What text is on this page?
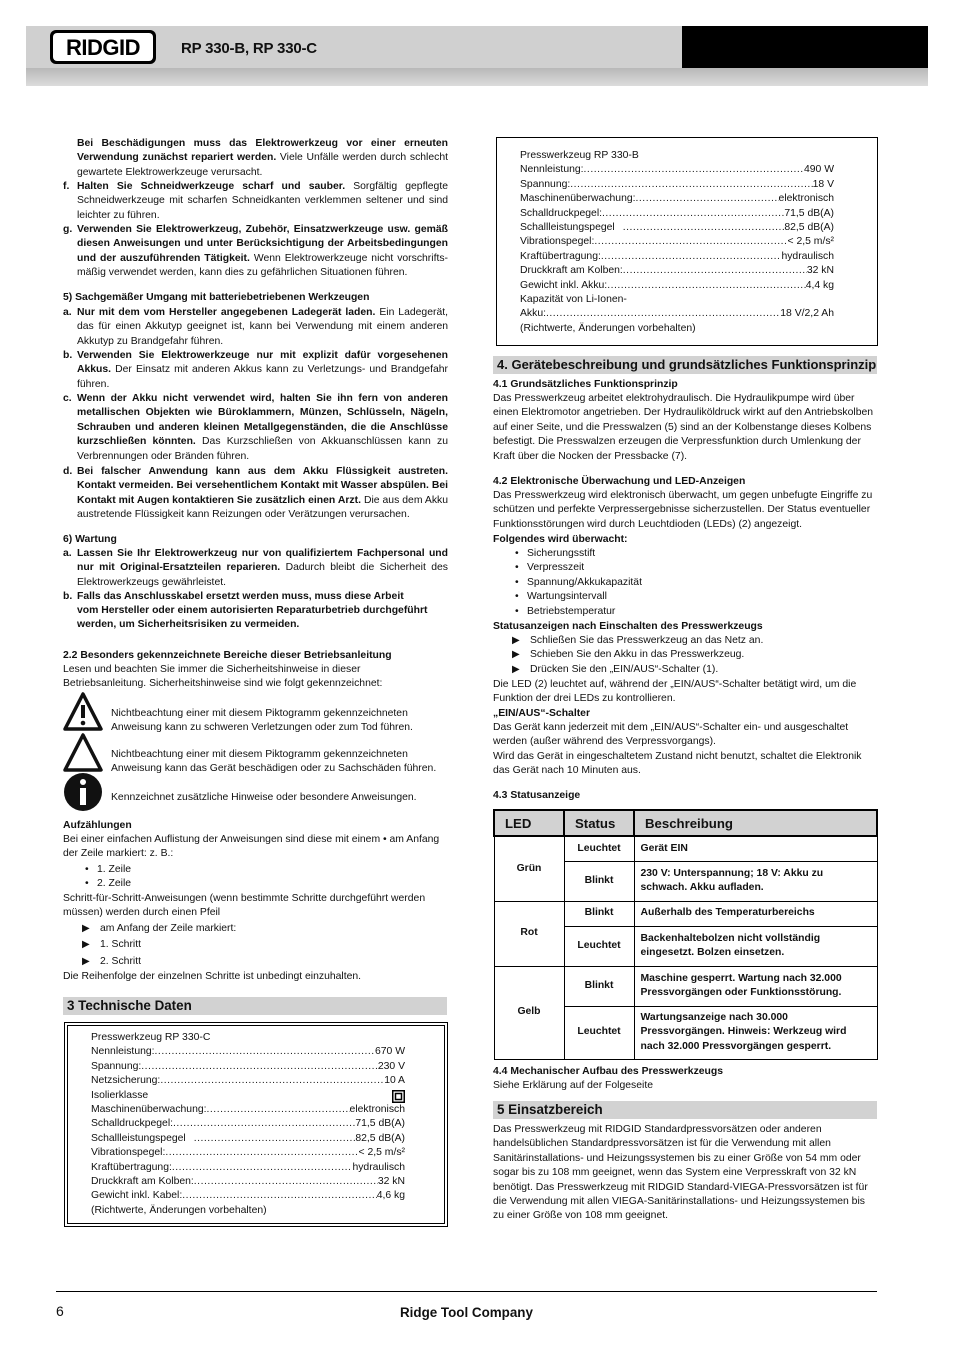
RIDGID	RP 330-B, RP 330-C
Bei Beschädigungen muss das Elektrowerkzeug vor einer erneuten Verwendung zunächst repariert werden. Viele Unfälle werden durch schlecht gewartete Elektrowerkzeuge verursacht.
f. Halten Sie Schneidwerkzeuge scharf und sauber. Sorgfältig gepflegte Schneidwerkzeuge mit scharfen Schneidkanten verklemmen seltener und sind leichter zu führen.
g. Verwenden Sie Elektrowerkzeug, Zubehör, Einsatzwerkzeuge usw. gemäß diesen Anweisungen und unter Berücksichtigung der Arbeitsbedingungen und der auszuführenden Tätigkeit. Wenn Elektrowerkzeuge nicht vorschrifts-mäßig verwendet werden, kann dies zu gefährlichen Situationen führen.
5) Sachgemäßer Umgang mit batteriebetriebenen Werkzeugen
a. Nur mit dem vom Hersteller angegebenen Ladegerät laden. Ein Ladegerät, das für einen Akkutyp geeignet ist, kann bei Verwendung mit einem anderen Akkutyp zu Brandgefahr führen.
b. Verwenden Sie Elektrowerkzeuge nur mit explizit dafür vorgesehenen Akkus. Der Einsatz mit anderen Akkus kann zu Verletzungs- und Brandgefahr führen.
c. Wenn der Akku nicht verwendet wird, halten Sie ihn fern von anderen metallischen Objekten wie Büroklammern, Münzen, Schlüsseln, Nägeln, Schrauben und anderen kleinen Metallgegenständen, die die Anschlüsse kurzschließen könnten. Das Kurzschließen von Akkuanschlüssen kann zu Verbrennungen oder Bränden führen.
d. Bei falscher Anwendung kann aus dem Akku Flüssigkeit austreten. Kontakt vermeiden. Bei versehentlichem Kontakt mit Wasser abspülen. Bei Kontakt mit Augen kontaktieren Sie zusätzlich einen Arzt. Die aus dem Akku austretende Flüssigkeit kann Reizungen oder Verätzungen verursachen.
6) Wartung
a. Lassen Sie Ihr Elektrowerkzeug nur von qualifiziertem Fachpersonal und nur mit Original-Ersatzteilen reparieren. Dadurch bleibt die Sicherheit des Elektrowerkzeugs gewährleistet.
b. Falls das Anschlusskabel ersetzt werden muss, muss diese Arbeit
vom Hersteller oder einem autorisierten Reparaturbetrieb durchgeführt werden, um Sicherheitsrisiken zu vermeiden.
2.2 Besonders gekennzeichnete Bereiche dieser Betriebsanleitung
Lesen und beachten Sie immer die Sicherheitshinweise in dieser Betriebsanleitung. Sicherheitshinweise sind wie folgt gekennzeichnet:
Nichtbeachtung einer mit diesem Piktogramm gekennzeichneten Anweisung kann zu schweren Verletzungen oder zum Tod führen.
Nichtbeachtung einer mit diesem Piktogramm gekennzeichneten Anweisung kann das Gerät beschädigen oder zu Sachschäden führen.
Kennzeichnet zusätzliche Hinweise oder besondere Anweisungen.
Aufzählungen
Bei einer einfachen Auflistung der Anweisungen sind diese mit einem • am Anfang der Zeile markiert: z. B.:
• 1. Zeile
• 2. Zeile
Schritt-für-Schritt-Anweisungen (wenn bestimmte Schritte durchgeführt werden müssen) werden durch einen Pfeil
▶ am Anfang der Zeile markiert:
▶ 1. Schritt
▶ 2. Schritt
Die Reihenfolge der einzelnen Schritte ist unbedingt einzuhalten.
3 Technische Daten
Presswerkzeug RP 330-C
Nennleistung: .....	670 W
Spannung: .....	230 V
Netzsicherung: .....	10 A
Isolierklasse
Maschinenüberwachung: .....	elektronisch
Schalldruckpegel: .....	71,5 dB(A)
Schallleistungspegel .....	82,5 dB(A)
Vibrationspegel: .....	< 2,5 m/s²
Kraftübertragung: .....	hydraulisch
Druckkraft am Kolben: .....	32 kN
Gewicht inkl. Kabel: .....	4,6 kg
(Richtwerte, Änderungen vorbehalten)
Presswerkzeug RP 330-B
Nennleistung: .....	490 W
Spannung: .....	18 V
Maschinenüberwachung: .....	elektronisch
Schalldruckpegel: .....	71,5 dB(A)
Schallleistungspegel .....	82,5 dB(A)
Vibrationspegel: .....	< 2,5 m/s²
Kraftübertragung: .....	hydraulisch
Druckkraft am Kolben: .....	32 kN
Gewicht inkl. Akku: .....	4,4 kg
Kapazität von Li-Ionen-
Akku: .....	18 V/2,2 Ah
(Richtwerte, Änderungen vorbehalten)
4. Gerätebeschreibung und grundsätzliches Funktionsprinzip
4.1 Grundsätzliches Funktionsprinzip
Das Presswerkzeug arbeitet elektrohydraulisch. Die Hydraulikpumpe wird über einen Elektromotor angetrieben. Der Hydrauliköldruck wirkt auf den Antriebskolben auf einer Seite, und die Presswalzen (5) sind an der Kolbenstange dieses Kolbens befestigt. Die Presswalzen erzeugen die Verpressfunktion durch Umlenkung der Kraft über die Nocken der Pressbacke (7).
4.2 Elektronische Überwachung und LED-Anzeigen
Das Presswerkzeug wird elektronisch überwacht, um gegen unbefugte Eingriffe zu schützen und perfekte Verpressergebnisse sicherzustellen. Der Status eventueller Funktionsstörungen wird durch Leuchtdioden (LEDs) (2) angezeigt.
Folgendes wird überwacht:
• Sicherungsstift
• Verpresszeit
• Spannung/Akkukapazität
• Wartungsintervall
• Betriebstemperatur
Statusanzeigen nach Einschalten des Presswerkzeugs
▶ Schließen Sie das Presswerkzeug an das Netz an.
▶ Schieben Sie den Akku in das Presswerkzeug.
▶ Drücken Sie den „EIN/AUS“-Schalter (1).
Die LED (2) leuchtet auf, während der „EIN/AUS“-Schalter betätigt wird, um die Funktion der drei LEDs zu kontrollieren.
„EIN/AUS“-Schalter
Das Gerät kann jederzeit mit dem „EIN/AUS“-Schalter ein- und ausgeschaltet werden (außer während des Verpressvorgangs).
Wird das Gerät in eingeschaltetem Zustand nicht benutzt, schaltet die Elektronik das Gerät nach 10 Minuten aus.
4.3 Statusanzeige
LED	Status	Beschreibung
Grün	Leuchtet	Gerät EIN
	Blinkt	230 V: Unterspannung; 18 V: Akku zu schwach. Akku aufladen.
Rot	Blinkt	Außerhalb des Temperaturbereichs
	Leuchtet	Backenhaltebolzen nicht vollständig eingesetzt. Bolzen einsetzen.
Gelb	Blinkt	Maschine gesperrt. Wartung nach 32.000 Pressvorgängen oder Funktionsstörung.
	Leuchtet	Wartungsanzeige nach 30.000 Pressvorgängen. Hinweis: Werkzeug wird nach 32.000 Pressvorgängen gesperrt.
4.4 Mechanischer Aufbau des Presswerkzeugs
Siehe Erklärung auf der Folgeseite
5 Einsatzbereich
Das Presswerkzeug mit RIDGID Standardpressvorsätzen oder anderen handelsüblichen Standardpressvorsätzen ist für die Verwendung mit allen Sanitärinstallations- und Heizungssystemen bis zu einer Größe von 54 mm oder sogar bis zu 108 mm geeignet, wenn das System eine Verpresskraft von 32 kN benötigt. Das Presswerkzeug mit RIDGID Standard-VIEGA-Pressvorsätzen ist für die Verwendung mit allen VIEGA-Sanitärinstallations- und Heizungssystemen bis zu einer Größe von 108 mm geeignet.
6	Ridge Tool Company
